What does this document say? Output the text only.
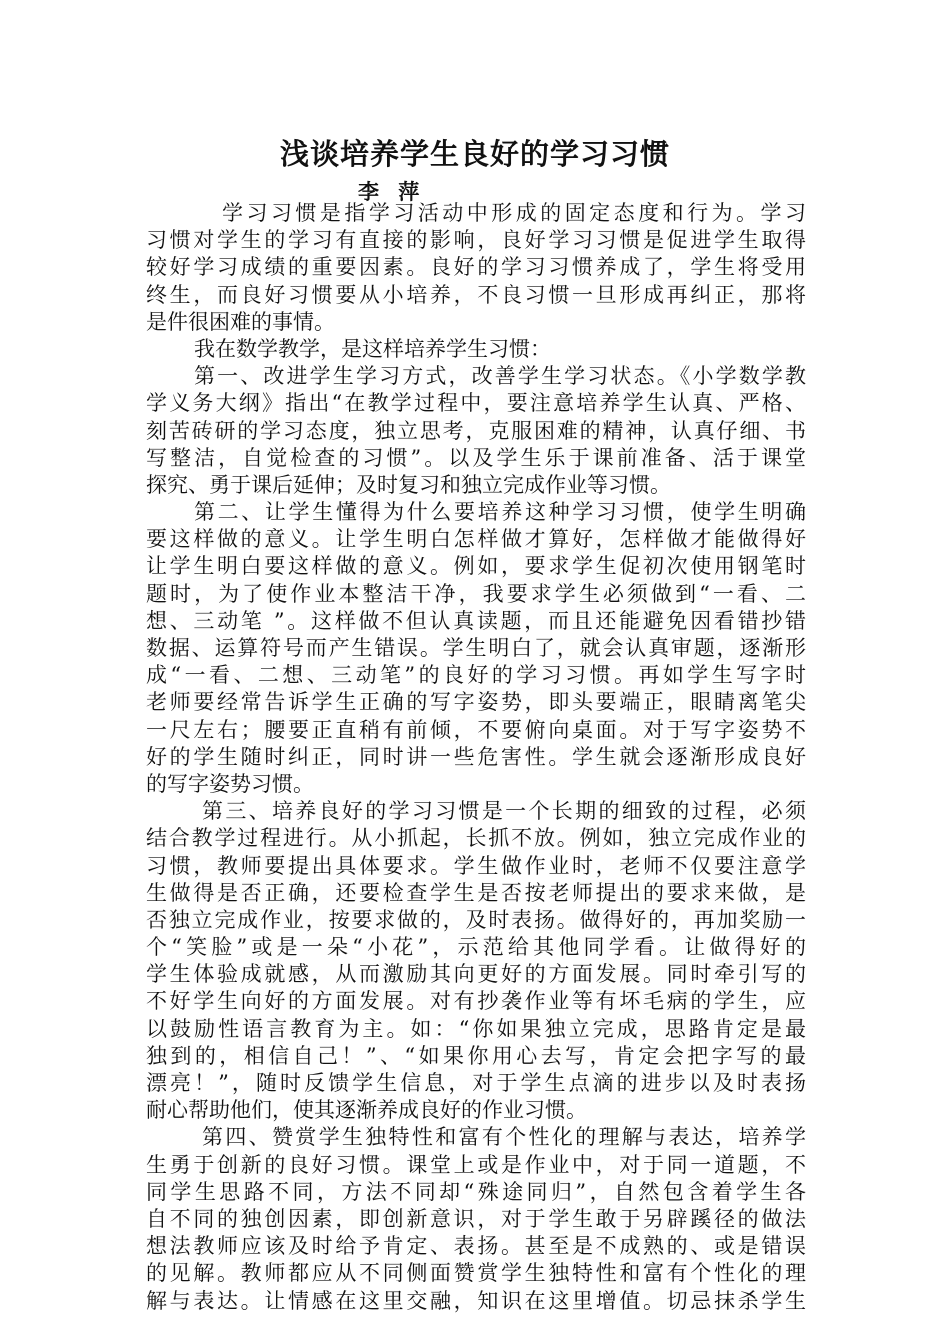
浅谈培养学生良好的学习习惯
李 萍
学习习惯是指学习活动中形成的固定态度和行为。学习
习惯对学生的学习有直接的影响，良好学习习惯是促进学生取得
较好学习成绩的重要因素。良好的学习习惯养成了，学生将受用
终生，而良好习惯要从小培养，不良习惯一旦形成再纠正，那将
是件很困难的事情。
我在数学教学，是这样培养学生习惯：
第一、改进学生学习方式，改善学生学习状态。《小学数学教
学义务大纲》指出“在教学过程中，要注意培养学生认真、严格、
刻苦砖研的学习态度，独立思考，克服困难的精神，认真仔细、书
写整洁，自觉检查的习惯”。以及学生乐于课前准备、活于课堂
探究、勇于课后延伸；及时复习和独立完成作业等习惯。
第二、让学生懂得为什么要培养这种学习习惯，使学生明确
要这样做的意义。让学生明白怎样做才算好，怎样做才能做得好
让学生明白要这样做的意义。例如，要求学生促初次使用钢笔时
题时，为了使作业本整洁干净，我要求学生必须做到“一看、二
想、三动笔 ”。这样做不但认真读题，而且还能避免因看错抄错
数据、运算符号而产生错误。学生明白了，就会认真审题，逐渐形
成“一看、二想、三动笔”的良好的学习习惯。再如学生写字时
老师要经常告诉学生正确的写字姿势，即头要端正，眼睛离笔尖
一尺左右；腰要正直稍有前倾，不要俯向桌面。对于写字姿势不
好的学生随时纠正，同时讲一些危害性。学生就会逐渐形成良好
的写字姿势习惯。
第三、培养良好的学习习惯是一个长期的细致的过程，必须
结合教学过程进行。从小抓起，长抓不放。例如，独立完成作业的
习惯，教师要提出具体要求。学生做作业时，老师不仅要注意学
生做得是否正确，还要检查学生是否按老师提出的要求来做，是
否独立完成作业，按要求做的，及时表扬。做得好的，再加奖励一
个“笑脸”或是一朵“小花”，示范给其他同学看。让做得好的
学生体验成就感，从而激励其向更好的方面发展。同时牵引写的
不好学生向好的方面发展。对有抄袭作业等有坏毛病的学生，应
以鼓励性语言教育为主。如：“你如果独立完成，思路肯定是最
独到的，相信自己！”、“如果你用心去写，肯定会把字写的最
漂亮！”，随时反馈学生信息，对于学生点滴的进步以及时表扬
耐心帮助他们，使其逐渐养成良好的作业习惯。
第四、赞赏学生独特性和富有个性化的理解与表达，培养学
生勇于创新的良好习惯。课堂上或是作业中，对于同一道题，不
同学生思路不同，方法不同却“殊途同归”，自然包含着学生各
自不同的独创因素，即创新意识，对于学生敢于另辟蹊径的做法
想法教师应该及时给予肯定、表扬。甚至是不成熟的、或是错误
的见解。教师都应从不同侧面赞赏学生独特性和富有个性化的理
解与表达。让情感在这里交融，知识在这里增值。切忌抹杀学生
